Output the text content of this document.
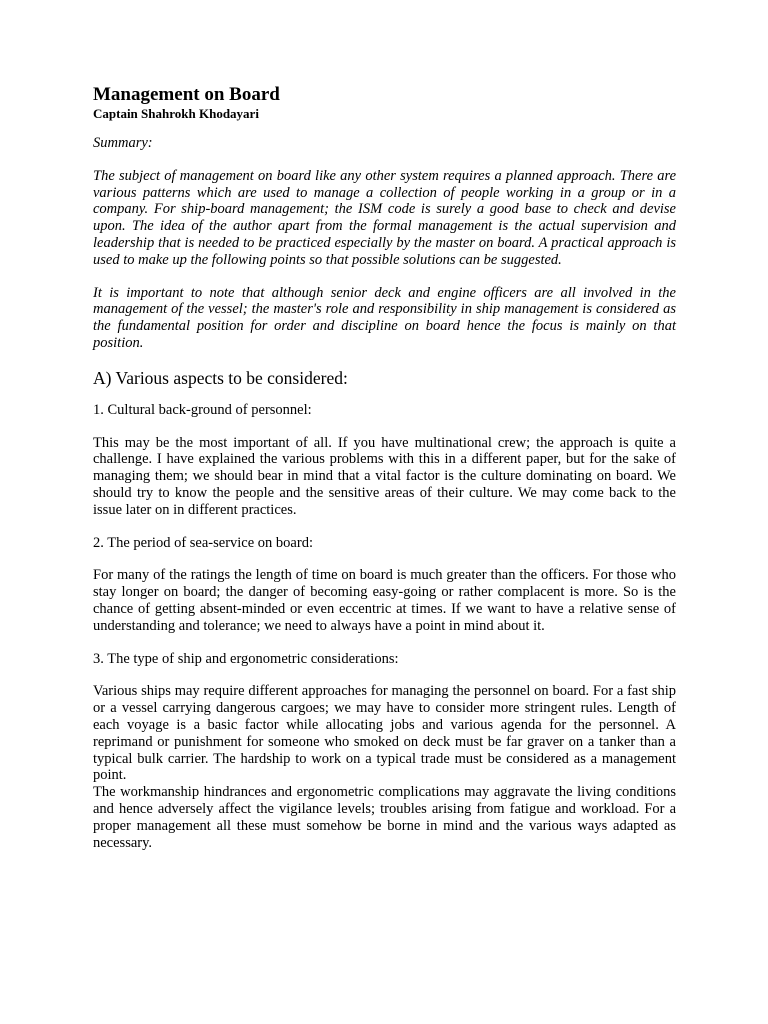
Management on Board
Captain Shahrokh Khodayari
Summary:

The subject of management on board like any other system requires a planned approach. There are various patterns which are used to manage a collection of people working in a group or in a company. For ship-board management; the ISM code is surely a good base to check and devise upon. The idea of the author apart from the formal management is the actual supervision and leadership that is needed to be practiced especially by the master on board. A practical approach is used to make up the following points so that possible solutions can be suggested.

It is important to note that although senior deck and engine officers are all involved in the management of the vessel; the master's role and responsibility in ship management is considered as the fundamental position for order and discipline on board hence the focus is mainly on that position.

A) Various aspects to be considered:
1. Cultural back-ground of personnel:

This may be the most important of all. If you have multinational crew; the approach is quite a challenge. I have explained the various problems with this in a different paper, but for the sake of managing them; we should bear in mind that a vital factor is the culture dominating on board. We should try to know the people and the sensitive areas of their culture. We may come back to the issue later on in different practices.

2. The period of sea-service on board:

For many of the ratings the length of time on board is much greater than the officers. For those who stay longer on board; the danger of becoming easy-going or rather complacent is more. So is the chance of getting absent-minded or even eccentric at times. If we want to have a relative sense of understanding and tolerance; we need to always have a point in mind about it.

3. The type of ship and ergonometric considerations:

Various ships may require different approaches for managing the personnel on board. For a fast ship or a vessel carrying dangerous cargoes; we may have to consider more stringent rules. Length of each voyage is a basic factor while allocating jobs and various agenda for the personnel. A reprimand or punishment for someone who smoked on deck must be far graver on a tanker than a typical bulk carrier. The hardship to work on a typical trade must be considered as a management point.

The workmanship hindrances and ergonometric complications may aggravate the living conditions and hence adversely affect the vigilance levels; troubles arising from fatigue and workload. For a proper management all these must somehow be borne in mind and the various ways adapted as necessary.
